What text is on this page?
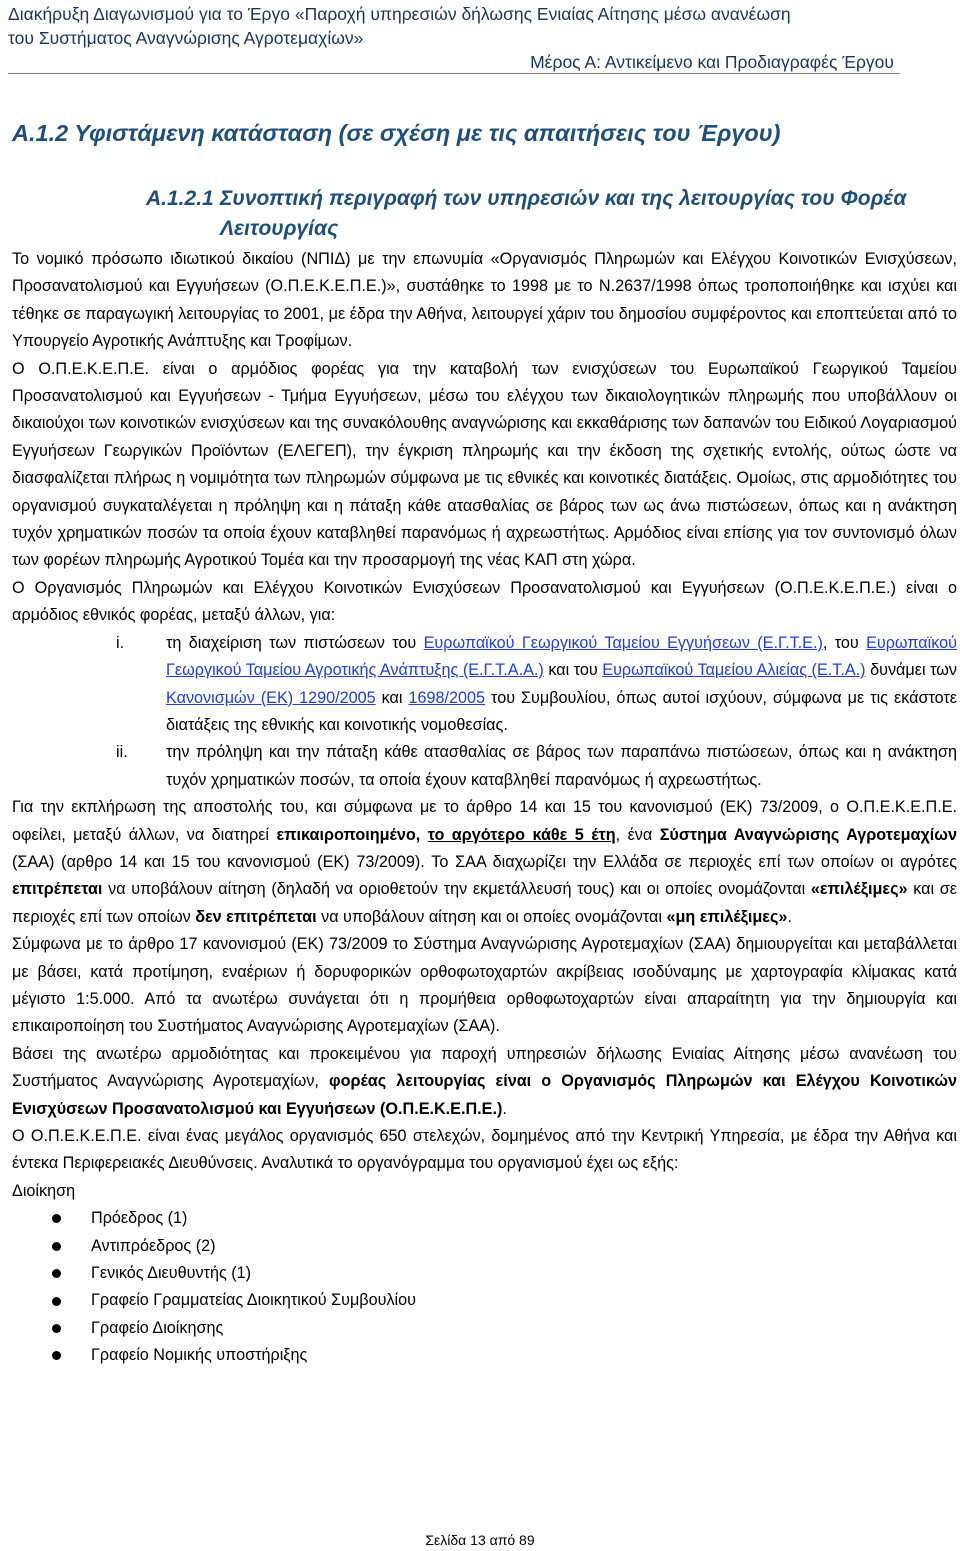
Διακήρυξη Διαγωνισμού για το Έργο «Παροχή υπηρεσιών δήλωσης Ενιαίας Αίτησης μέσω ανανέωση
του Συστήματος Αναγνώρισης Αγροτεμαχίων»
Μέρος Α: Αντικείμενο και Προδιαγραφές Έργου
Α.1.2 Υφιστάμενη κατάσταση (σε σχέση με τις απαιτήσεις του Έργου)
Α.1.2.1 Συνοπτική περιγραφή των υπηρεσιών και της λειτουργίας του Φορέα
Λειτουργίας

Το νομικό πρόσωπο ιδιωτικού δικαίου (ΝΠΙΔ) με την επωνυμία «Οργανισμός Πληρωμών και Ελέγχου Κοινοτικών Ενισχύσεων, Προσανατολισμού και Εγγυήσεων (Ο.Π.Ε.Κ.Ε.Π.Ε.)», συστάθηκε το 1998 με το Ν.2637/1998 όπως τροποποιήθηκε και ισχύει και τέθηκε σε παραγωγική λειτουργίας το 2001, με έδρα την Αθήνα, λειτουργεί χάριν του δημοσίου συμφέροντος και εποπτεύεται από το Υπουργείο Αγροτικής Ανάπτυξης και Τροφίμων.

Ο Ο.Π.Ε.Κ.Ε.Π.Ε. είναι ο αρμόδιος φορέας για την καταβολή των ενισχύσεων του Ευρωπαϊκού Γεωργικού Ταμείου Προσανατολισμού και Εγγυήσεων - Τμήμα Εγγυήσεων, μέσω του ελέγχου των δικαιολογητικών πληρωμής που υποβάλλουν οι δικαιούχοι των κοινοτικών ενισχύσεων και της συνακόλουθης αναγνώρισης και εκκαθάρισης των δαπανών του Ειδικού Λογαριασμού Εγγυήσεων Γεωργικών Προϊόντων (ΕΛΕΓΕΠ), την έγκριση πληρωμής και την έκδοση της σχετικής εντολής, ούτως ώστε να διασφαλίζεται πλήρως η νομιμότητα των πληρωμών σύμφωνα με τις εθνικές και κοινοτικές διατάξεις. Ομοίως, στις αρμοδιότητες του οργανισμού συγκαταλέγεται η πρόληψη και η πάταξη κάθε ατασθαλίας σε βάρος των ως άνω πιστώσεων, όπως και η ανάκτηση τυχόν χρηματικών ποσών τα οποία έχουν καταβληθεί παρανόμως ή αχρεωστήτως. Αρμόδιος είναι επίσης για τον συντονισμό όλων των φορέων πληρωμής Αγροτικού Τομέα και την προσαρμογή της νέας ΚΑΠ στη χώρα.

Ο Οργανισμός Πληρωμών και Ελέγχου Κοινοτικών Ενισχύσεων Προσανατολισμού και Εγγυήσεων (Ο.Π.Ε.Κ.Ε.Π.Ε.) είναι ο αρμόδιος εθνικός φορέας, μεταξύ άλλων, για:

i.	τη διαχείριση των πιστώσεων του Ευρωπαϊκού Γεωργικού Ταμείου Εγγυήσεων (Ε.Γ.Τ.Ε.), του Ευρωπαϊκού Γεωργικού Ταμείου Αγροτικής Ανάπτυξης (Ε.Γ.Τ.Α.Α.) και του Ευρωπαϊκού Ταμείου Αλιείας (Ε.Τ.Α.) δυνάμει των Κανονισμών (ΕΚ) 1290/2005 και 1698/2005 του Συμβουλίου, όπως αυτοί ισχύουν, σύμφωνα με τις εκάστοτε διατάξεις της εθνικής και κοινοτικής νομοθεσίας.
ii.	την πρόληψη και την πάταξη κάθε ατασθαλίας σε βάρος των παραπάνω πιστώσεων, όπως και η ανάκτηση τυχόν χρηματικών ποσών, τα οποία έχουν καταβληθεί παρανόμως ή αχρεωστήτως.

Για την εκπλήρωση της αποστολής του, και σύμφωνα με το άρθρο 14 και 15 του κανονισμού (ΕΚ) 73/2009, ο Ο.Π.Ε.Κ.Ε.Π.Ε. οφείλει, μεταξύ άλλων, να διατηρεί επικαιροποιημένο, το αργότερο κάθε 5 έτη, ένα Σύστημα Αναγνώρισης Αγροτεμαχίων (ΣΑΑ) (αρθρο 14 και 15 του κανονισμού (ΕΚ) 73/2009). Το ΣΑΑ διαχωρίζει την Ελλάδα σε περιοχές επί των οποίων οι αγρότες επιτρέπεται να υποβάλουν αίτηση (δηλαδή να οριοθετούν την εκμετάλλευσή τους) και οι οποίες ονομάζονται «επιλέξιμες» και σε περιοχές επί των οποίων δεν επιτρέπεται να υποβάλουν αίτηση και οι οποίες ονομάζονται «μη επιλέξιμες».

Σύμφωνα με το άρθρο 17 κανονισμού (ΕΚ) 73/2009 το Σύστημα Αναγνώρισης Αγροτεμαχίων (ΣΑΑ) δημιουργείται και μεταβάλλεται με βάσει, κατά προτίμηση, εναέριων ή δορυφορικών ορθοφωτοχαρτών ακρίβειας ισοδύναμης με χαρτογραφία κλίμακας κατά μέγιστο 1:5.000. Από τα ανωτέρω συνάγεται ότι η προμήθεια ορθοφωτοχαρτών είναι απαραίτητη για την δημιουργία και επικαιροποίηση του Συστήματος Αναγνώρισης Αγροτεμαχίων (ΣΑΑ).

Βάσει της ανωτέρω αρμοδιότητας και προκειμένου για παροχή υπηρεσιών δήλωσης Ενιαίας Αίτησης μέσω ανανέωση του Συστήματος Αναγνώρισης Αγροτεμαχίων, φορέας λειτουργίας είναι ο Οργανισμός Πληρωμών και Ελέγχου Κοινοτικών Ενισχύσεων Προσανατολισμού και Εγγυήσεων (Ο.Π.Ε.Κ.Ε.Π.Ε.).

Ο Ο.Π.Ε.Κ.Ε.Π.Ε. είναι ένας μεγάλος οργανισμός 650 στελεχών, δομημένος από την Κεντρική Υπηρεσία, με έδρα την Αθήνα και έντεκα Περιφερειακές Διευθύνσεις. Αναλυτικά το οργανόγραμμα του οργανισμού έχει ως εξής:

Διοίκηση

Πρόεδρος (1)
Αντιπρόεδρος (2)
Γενικός Διευθυντής (1)
Γραφείο Γραμματείας Διοικητικού Συμβουλίου
Γραφείο Διοίκησης
Γραφείο Νομικής υποστήριξης
Σελίδα 13 από 89
